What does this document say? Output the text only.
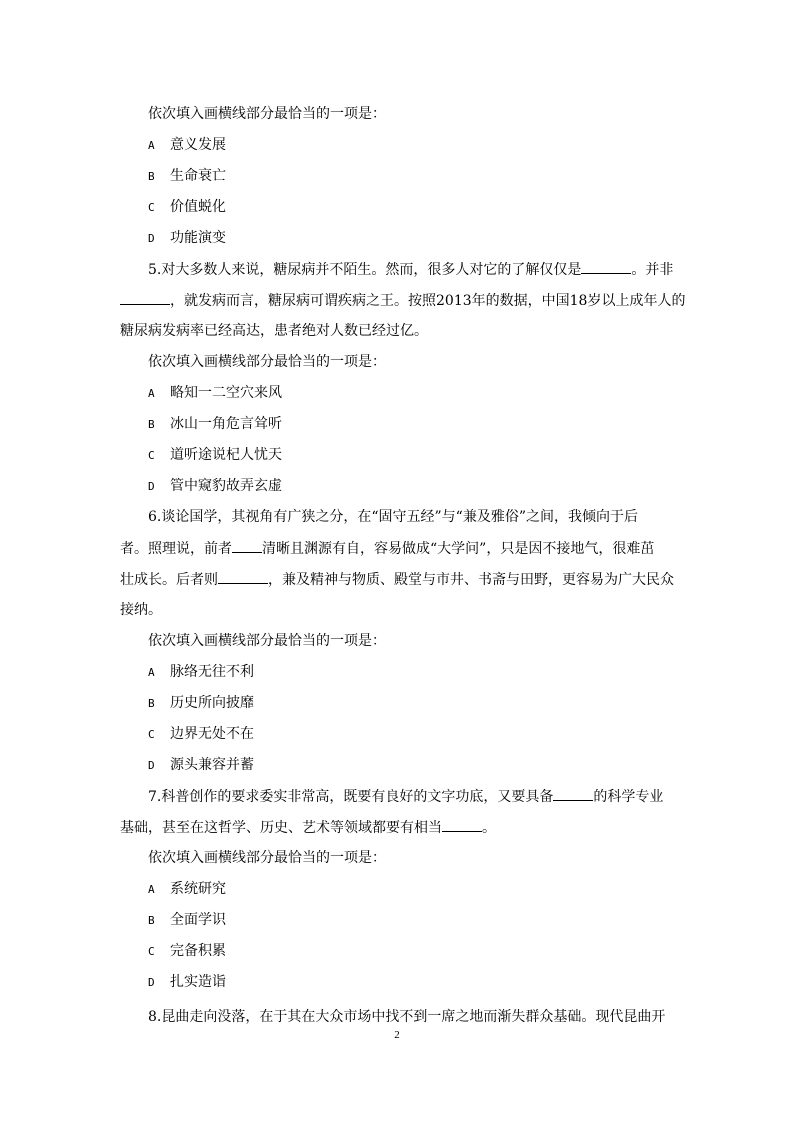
依次填入画横线部分最恰当的一项是：
A 意义发展
B 生命衰亡
C 价值蜕化
D 功能演变
5.对大多数人来说，糖尿病并不陌生。然而，很多人对它的了解仅仅是	。并非
，就发病而言，糖尿病可谓疾病之王。按照2013年的数据，中国18岁以上成年人的
糖尿病发病率已经高达，患者绝对人数已经过亿。
依次填入画横线部分最恰当的一项是：
A 略知一二空穴来风
B 冰山一角危言耸听
C 道听途说杞人忧天
D 管中窥豹故弄玄虚
6.谈论国学，其视角有广狭之分，在“固守五经”与“兼及雅俗”之间，我倾向于后
者。照理说，前者 清晰且渊源有自，容易做成“大学问”，只是因不接地气，很难茁
壮成长。后者则	，兼及精神与物质、殿堂与市井、书斋与田野，更容易为广大民众
接纳。
依次填入画横线部分最恰当的一项是：
A 脉络无往不利
B 历史所向披靡
C 边界无处不在
D 源头兼容并蓄
7.科普创作的要求委实非常高，既要有良好的文字功底，又要具备	的科学专业
基础，甚至在这哲学、历史、艺术等领域都要有相当	。
依次填入画横线部分最恰当的一项是：
A 系统研究
B 全面学识
C 完备积累
D 扎实造诣
8.昆曲走向没落，在于其在大众市场中找不到一席之地而渐失群众基础。现代昆曲开
2
